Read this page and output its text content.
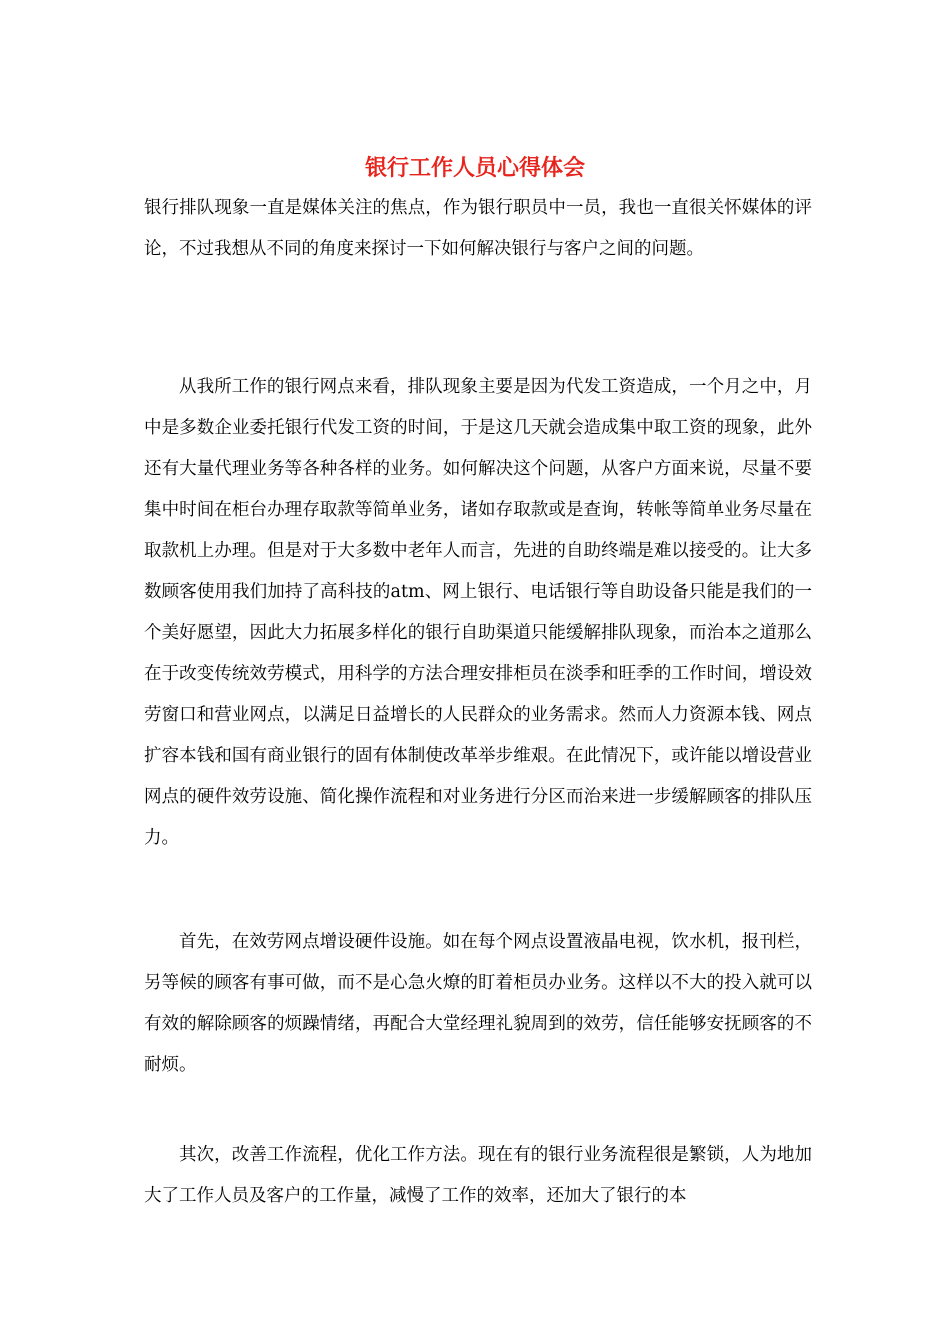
银行工作人员心得体会

银行排队现象一直是媒体关注的焦点，作为银行职员中一员，我也一直很关怀媒体的评论，不过我想从不同的角度来探讨一下如何解决银行与客户之间的问题。

从我所工作的银行网点来看，排队现象主要是因为代发工资造成，一个月之中，月中是多数企业委托银行代发工资的时间，于是这几天就会造成集中取工资的现象，此外还有大量代理业务等各种各样的业务。如何解决这个问题，从客户方面来说，尽量不要集中时间在柜台办理存取款等简单业务，诸如存取款或是查询，转帐等简单业务尽量在取款机上办理。但是对于大多数中老年人而言，先进的自助终端是难以接受的。让大多数顾客使用我们加持了高科技的atm、网上银行、电话银行等自助设备只能是我们的一个美好愿望，因此大力拓展多样化的银行自助渠道只能缓解排队现象，而治本之道那么在于改变传统效劳模式，用科学的方法合理安排柜员在淡季和旺季的工作时间，增设效劳窗口和营业网点，以满足日益增长的人民群众的业务需求。然而人力资源本钱、网点扩容本钱和国有商业银行的固有体制使改革举步维艰。在此情况下，或许能以增设营业网点的硬件效劳设施、简化操作流程和对业务进行分区而治来进一步缓解顾客的排队压力。

首先，在效劳网点增设硬件设施。如在每个网点设置液晶电视，饮水机，报刊栏，另等候的顾客有事可做，而不是心急火燎的盯着柜员办业务。这样以不大的投入就可以有效的解除顾客的烦躁情绪，再配合大堂经理礼貌周到的效劳，信任能够安抚顾客的不耐烦。

其次，改善工作流程，优化工作方法。现在有的银行业务流程很是繁锁，人为地加大了工作人员及客户的工作量，减慢了工作的效率，还加大了银行的本
